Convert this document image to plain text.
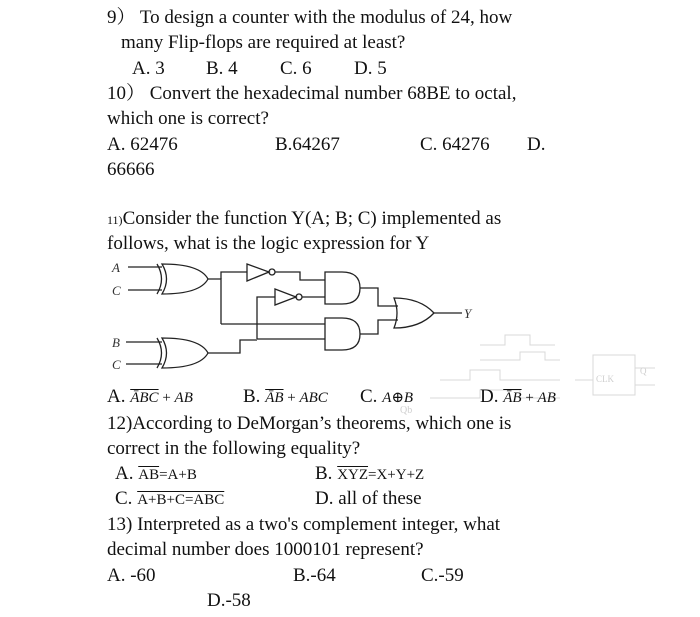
9） To design a counter with the modulus of 24, how
many Flip-flops are required at least?
A. 3 B. 4 C. 6 D. 5
10） Convert the hexadecimal number 68BE to octal,
which one is correct?
A. 62476	B.64267	C. 64276 D.
66666
11)Consider the function Y(A; B; C) implemented as
follows, what is the logic expression for Y
A
C
B
C
Y
Qb
CLK
Q
A. $\overline{ĀBC}$ + AB	B. $\overline{ĀB}$ + ABC C. A⊕B	D. $\overline{ĀB}$ + AB
12)According to DeMorgan’s theorems, which one is
correct in the following equality?
A. $\overline{AB}=A+B$	B. $\overline{XYZ}=X+Y+Z$
C. A+B+C=ABC	D. all of these
13) Interpreted as a two's complement integer, what
decimal number does 1000101 represent?
A. -60	B.-64	C.-59
D.-58
